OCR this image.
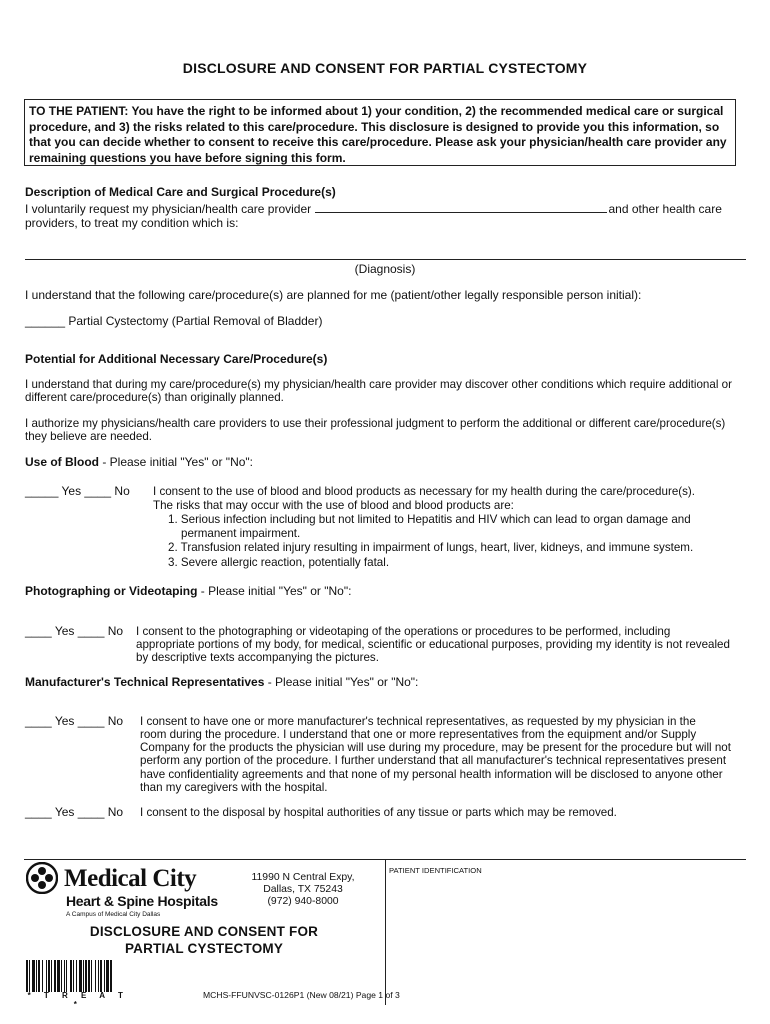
DISCLOSURE AND CONSENT FOR PARTIAL CYSTECTOMY

TO THE PATIENT: You have the right to be informed about 1) your condition, 2) the recommended medical care or surgical procedure, and 3) the risks related to this care/procedure. This disclosure is designed to provide you this information, so that you can decide whether to consent to receive this care/procedure. Please ask your physician/health care provider any remaining questions you have before signing this form.

Description of Medical Care and Surgical Procedure(s)
I voluntarily request my physician/health care provider	and other health care
providers, to treat my condition which is:
(Diagnosis)
I understand that the following care/procedure(s) are planned for me (patient/other legally responsible person initial):
______ Partial Cystectomy (Partial Removal of Bladder)
Potential for Additional Necessary Care/Procedure(s)
I understand that during my care/procedure(s) my physician/health care provider may discover other conditions which require additional or different care/procedure(s) than originally planned.
I authorize my physicians/health care providers to use their professional judgment to perform the additional or different care/procedure(s) they believe are needed.
Use of Blood - Please initial "Yes" or "No":
_____ Yes ____ No I consent to the use of blood and blood products as necessary for my health during the care/procedure(s).
The risks that may occur with the use of blood and blood products are:
1. Serious infection including but not limited to Hepatitis and HIV which can lead to organ damage and
permanent impairment.
2. Transfusion related injury resulting in impairment of lungs, heart, liver, kidneys, and immune system.
3. Severe allergic reaction, potentially fatal.
Photographing or Videotaping - Please initial "Yes" or "No":
____ Yes ____ No I consent to the photographing or videotaping of the operations or procedures to be performed, including
appropriate portions of my body, for medical, scientific or educational purposes, providing my identity is not revealed by descriptive texts accompanying the pictures.
Manufacturer's Technical Representatives - Please initial "Yes" or "No":
____ Yes ____ No I consent to have one or more manufacturer's technical representatives, as requested by my physician in the
room during the procedure. I understand that one or more representatives from the equipment and/or Supply Company for the products the physician will use during my procedure, may be present for the procedure but will not perform any portion of the procedure. I further understand that all manufacturer's technical representatives present have confidentiality agreements and that none of my personal health information will be disclosed to anyone other than my caregivers with the hospital.
____ Yes ____ No I consent to the disposal by hospital authorities of any tissue or parts which may be removed.
PATIENT IDENTIFICATION
Medical City
Heart & Spine Hospitals
A Campus of Medical City Dallas
11990 N Central Expy,
Dallas, TX 75243
(972) 940-8000
DISCLOSURE AND CONSENT FOR
PARTIAL CYSTECTOMY
* T R E A T *
MCHS-FFUNVSC-0126P1 (New 08/21) Page 1 of 3
